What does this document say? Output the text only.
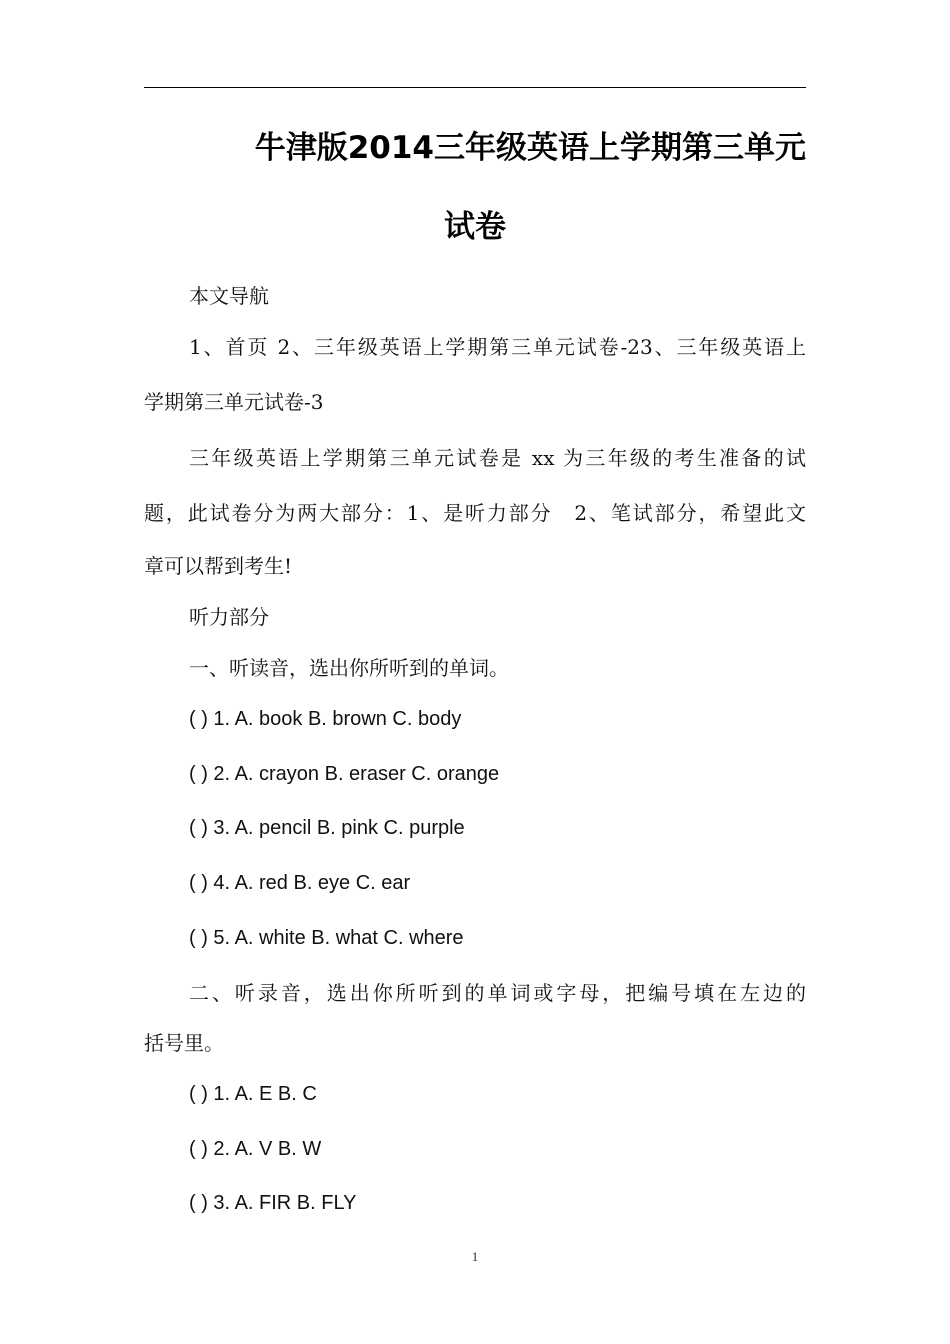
牛津版2014三年级英语上学期第三单元
试卷
本文导航
1、首页 2、三年级英语上学期第三单元试卷-23、三年级英语上
学期第三单元试卷-3
三年级英语上学期第三单元试卷是 xx 为三年级的考生准备的试
题，此试卷分为两大部分：1、是听力部分　2、笔试部分，希望此文
章可以帮到考生!
听力部分
一、听读音，选出你所听到的单词。
( ) 1. A. book B. brown C. body
( ) 2. A. crayon B. eraser C. orange
( ) 3. A. pencil B. pink C. purple
( ) 4. A. red B. eye C. ear
( ) 5. A. white B. what C. where
二、听录音，选出你所听到的单词或字母，把编号填在左边的
括号里。
( ) 1. A. E B. C
( ) 2. A. V B. W
( ) 3. A. FIR B. FLY
1
